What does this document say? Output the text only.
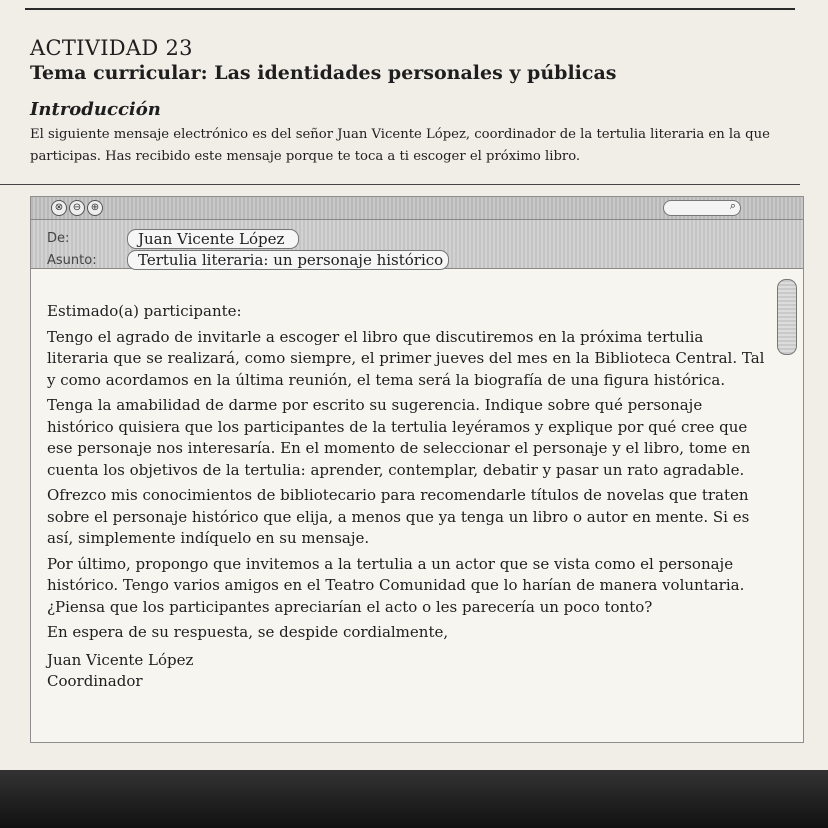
ACTIVIDAD 23
Tema curricular: Las identidades personales y públicas
Introducción
El siguiente mensaje electrónico es del señor Juan Vicente López, coordinador de la tertulia literaria en la que participas. Has recibido este mensaje porque te toca a ti escoger el próximo libro.
⊗ ⊖ ⊕	⌕
De:	Juan Vicente López
Asunto:	Tertulia literaria: un personaje histórico

Estimado(a) participante:

Tengo el agrado de invitarle a escoger el libro que discutiremos en la próxima tertulia literaria que se realizará, como siempre, el primer jueves del mes en la Biblioteca Central. Tal y como acordamos en la última reunión, el tema será la biografía de una figura histórica.

Tenga la amabilidad de darme por escrito su sugerencia. Indique sobre qué personaje histórico quisiera que los participantes de la tertulia leyéramos y explique por qué cree que ese personaje nos interesaría. En el momento de seleccionar el personaje y el libro, tome en cuenta los objetivos de la tertulia: aprender, contemplar, debatir y pasar un rato agradable.

Ofrezco mis conocimientos de bibliotecario para recomendarle títulos de novelas que traten sobre el personaje histórico que elija, a menos que ya tenga un libro o autor en mente. Si es así, simplemente indíquelo en su mensaje.

Por último, propongo que invitemos a la tertulia a un actor que se vista como el personaje histórico. Tengo varios amigos en el Teatro Comunidad que lo harían de manera voluntaria. ¿Piensa que los participantes apreciarían el acto o les parecería un poco tonto?

En espera de su respuesta, se despide cordialmente,

Juan Vicente López
Coordinador
